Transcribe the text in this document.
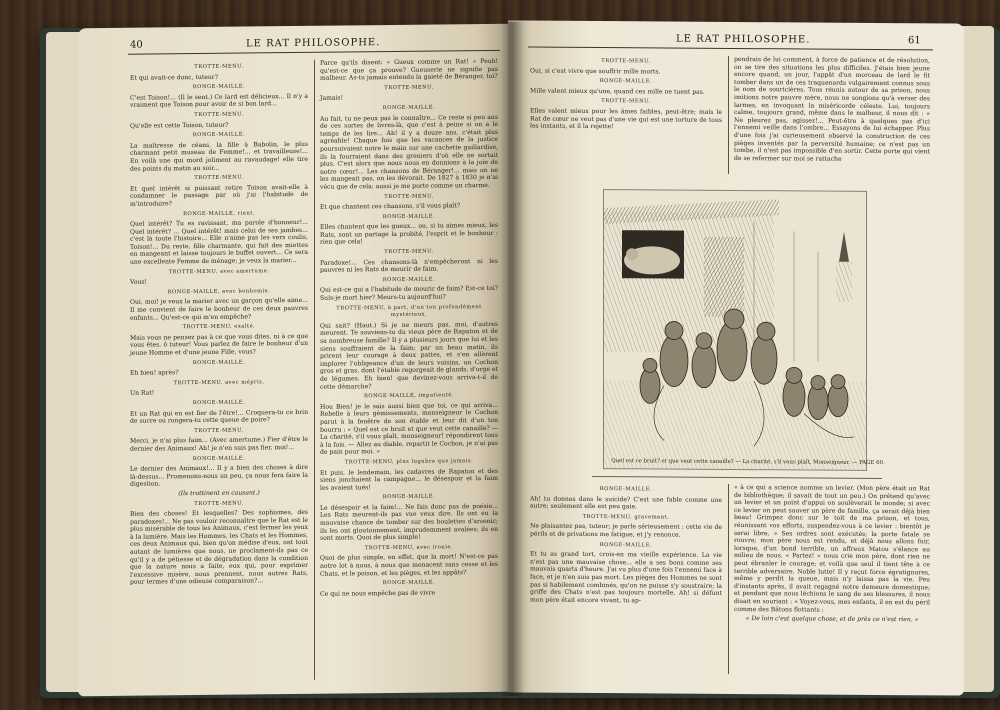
40	LE RAT PHILOSOPHE.
TROTTE-MENU.

Et qui avait-ce donc, tuteur?

RONGE-MAILLE.

C'est Toison!... (Il le sent.) Ce lard est délicieux... Il n'y a vraiment que Toison pour avoir de si bon lard...

TROTTE-MENU.

Qu'elle est cette Toison, tuteur?

RONGE-MAILLE.

La maîtresse de céans, la fille à Babolin, le plus charmant petit museau de Femme!... et travailleuse!... En voilà une qui mord joliment au ravaudage! elle tire des points du matin au soir...

TROTTE-MENU.

Et quel intérêt si puissant retire Toison avait-elle à condamner le passage par où j'ai l'habitude de m'introduire?

RONGE-MAILLE, riant.

Quel intérêt? Tu es ravissant, ma parole d'honneur!... Quel intérêt? ... Quel intérêt! mais celui de ses jambes... c'est là toute l'histoire... Elle n'aime pas les vers coulis, Toison!... Du reste, fille charmante, qui fait des miettes en mangeant et laisse toujours le buffet ouvert... Ce sera une excellente Femme de ménage; je veux la marier...

TROTTE-MENU, avec amertume.

Vous!

RONGE-MAILLE, avec bonhomie.

Oui, moi! je veux la marier avec un garçon qu'elle aime... Il me convient de faire le bonheur de ces deux pauvres enfants... Qu'est-ce qui m'en empêche?

TROTTE-MENU, exalté.

Mais vous ne pensez pas à ce que vous dites, ni à ce que vous êtes, ô tuteur! Vous parlez de faire le bonheur d'un jeune Homme et d'une jeune Fille, vous?

RONGE-MAILLE.

Eh bien! après?

TROTTE-MENU, avec mépris.

Un Rat!

RONGE-MAILLE.

Et un Rat qui en est fier de l'être!... Croquera-tu ce brin de sucre ou rongera-tu cette queue de poire?

TROTTE-MENU.

Merci, je n'ai plus faim... (Avec amertume.) Fier d'être le dernier des Animaux! Ah! je n'en suis pas fier, moi!...

RONGE-MAILLE.

Le dernier des Animaux!... Il y a bien des choses à dire là-dessus... Promenons-nous un peu, ça nous fera faire la digestion.

(Ils trottinent en causant.)
TROTTE-MENU.

Bien des choses! Et lesquelles? Des sophismes, des paradoxes!... Ne pas vouloir reconnaître que le Rat est le plus misérable de tous les Animaux, c'est fermer les yeux à la lumière. Mais les Hommes, les Chats et les Hommes, ces deux Animaux qui, bien qu'on médise d'eux, ont tout autant de lumières que nous, ne proclament-ils pas ce qu'il y a de pétiesse et de dégradation dans la condition que la nature nous a faite, eux qui, pour exprimer l'excessive misère, nous prennent, nous autres Rats, pour termes d'une odieuse comparaison?...

Parce qu'ils disent: « Gueux comme un Rat! » Peuh! qu'est-ce que ça prouve? Gueuserie ne signifie pas malheur. As-tu jamais entendu la gaieté de Béranger, toi?

TROTTE-MENU.

Jamais!

RONGE-MAILLE.

Au fait, tu ne peux pas le connaître... Ce reste si peu ans de ces sortes de livres-là, que c'est à peine si on a le temps de les lire... Ah! il y a douze ans, c'était plus agréable! Chaque fois que les vacances de la justice poursuivaient notre le main sur une cachette gaillardise, ils la fourraient dans des greniers d'où elle ne sortait plus. C'est alors que nous nous en donnions à la joie de notre cœur!... Les chansons de Béranger!... mais on ne les mangeait pas, on les dévorait. De 1827 à 1830 je n'ai vécu que de cela: aussi je me porte comme un charme.

TROTTE-MENU.

Et que chantent ces chansons, s'il vous plaît?

RONGE-MAILLE.

Elles chantent que les gueux... ou, si tu aimes mieux, les Rats, sont un partage la probité, l'esprit et le bonheur : rien que cela!

TROTTE-MENU.

Paradoxe!... Ces chansons-là n'empêcheront ni les pauvres ni les Rats de mourir de faim.

RONGE-MAILLE.

Qui est-ce qui a l'habitude de mourir de faim? Est-ce toi? Suis-je mort hier? Meurs-tu aujourd'hui?

TROTTE-MENU, à part, d'un ton profondément mystérieux.

Qui sait? (Haut.) Si je ne meurs pas, moi, d'autres meurent. Te souviens-tu du vieux père de Rapaton et de sa nombreuse famille? Il y a plusieurs jours que lui et les siens souffraient de la faim; par un beau matin, ils prirent leur courage à deux pattes, et s'en allèrent implorer l'obligeance d'un de leurs voisins, un Cochon gros et gras, dont l'étable regorgeait de glands, d'orge et de légumes. Eh bien! que devinez-vous arriva-t-il de cette démarche?

RONGE-MAILLE, impatienté.

Hou Bien! je le sais aussi bien que toi, ce qui arriva... Rebelle à leurs gémissements, monseigneur le Cochon parut à la fenêtre de son étable et leur dit d'un ton bourru : « Quel est ce bruit et que veut cette canaille? — La charité, s'il vous plaît, monseigneur! répondirent tous à la fois. — Allez au diable, repartit le Cochon, je n'ai pas de pain pour moi. »

TROTTE-MENU, plus lugubre que jamais.

Et puis, le lendemain, les cadavres de Rapaton et des siens jonchaient la campagne... le désespoir et la faim les avaient tués!

RONGE-MAILLE.

Le désespoir et la faim!... Ne fais donc pas de poésie... Les Rats meurent-ils pas vue veux dire. Ils ont eu la mauvaise chance de tomber sur des boulettes d'arsenic; ils les ont gloutonnement, imprudemment avalées; ils en sont morts. Quoi de plus simple!

TROTTE-MENU, avec ironie.

Quoi de plus simple, en effet, que la mort! N'est-ce pas notre lot à nous, à nous que menacent sans cesse et les Chats, et le poison, et les pièges, et les appâts?

RONGE-MAILLE.

Ce qui ne nous empêche pas de vivre

LE RAT PHILOSOPHE.	61
TROTTE-MENU.

Oui, si c'est vivre que souffrir mille morts.

RONGE-MAILLE.

Mille valent mieux qu'une, quand ces mille ne tuent pas.

TROTTE-MENU.

Elles valent mieux pour les âmes faibles, peut-être; mais le Rat de cœur ne veut pas d'une vie qui est une torture de tous les instants, et il la rejette!

pendrais de lui comment, à force de patience et de résolution, on se tire des situations les plus difficiles. J'étais bien jeune encore quand, un jour, l'appât d'un morceau de lard le fit tomber dans un de ces traquenards vulgairement connus sous le nom de souricières. Tous réunis autour de sa prison, nous imitions notre pauvre mère, nous ne songions qu'à verser des larmes, en invoquant la miséricorde céleste. Lui, toujours calme, toujours grand, même dans le malheur, il nous dit : « Ne pleurez pas, agissez!... Peut-être à quelques pas d'ici l'ennemi veille dans l'ombre... Essayons de lui échapper. Plus d'une fois j'ai curieusement observé la construction de ces pièges inventés par la perversité humaine; ce n'est pas un tombe, il n'est pas impossible d'en sortir. Cette porte qui vient de se refermer sur moi se rattache

Quel est ce bruit? et que veut cette canaille? — La charité, s'il vous plaît, Monseigneur. — PAGE 60.
RONGE-MAILLE.

Ah! tu donnes dans le suicide? C'est une fable comme une autre; seulement elle est peu gaie.

TROTTE-MENU, gravement.

Ne plaisantez pas, tuteur; je parle sérieusement : cette vie de périls et de privations me fatigue, et j'y renonce.

RONGE-MAILLE.

Et tu as grand tort, crois-en ma vieille expérience. La vie n'est pas une mauvaise chose... elle a ses bons comme ses mauvais quarts d'heure. J'ai vu plus d'une fois l'ennemi face à face, et je n'en suis pas mort. Les pièges des Hommes ne sont pas si habilement combinés, qu'on ne puisse s'y soustraire; la griffe des Chats n'est pas toujours mortelle. Ah! si défunt mon père était encore vivant, tu ap-

« à ce qui a science nomme un levier. (Mon père était un Rat de bibliothèque; il savait de tout un peu.) On prétend qu'avec un levier et un point d'appui on soulèverait le monde; si avec ce levier on peut sauver un père de famille, ça serait déjà bien beau! Grimpez donc sur le toit de ma prison, et tous, réunissant vos efforts, suspendez-vous à ce levier : bientôt je serai libre. » Ses ordres sont exécutés; la porte fatale se rouvre; mon père nous est rendu, et déjà nous allons fuir, lorsque, d'un bond terrible, un affreux Matou s'élance au milieu de nous. « Partez! » nous crie mon père, dont rien ne peut ébranler le courage; et voilà que seul il tient tête à ce terrible adversaire. Noble lutte! Il y reçut force égratignures, même y perdit la queue, mais n'y laissa pas la vie. Peu d'instants après, il avait regagné notre demeure domestique; et pendant que nous léchions le sang de ses blessures, il nous disait en souriant : « Voyez-vous, mes enfants, il en est du péril comme des Bâtons flottants :

« De loin c'est quelque chose, et de près ce n'est rien. »
